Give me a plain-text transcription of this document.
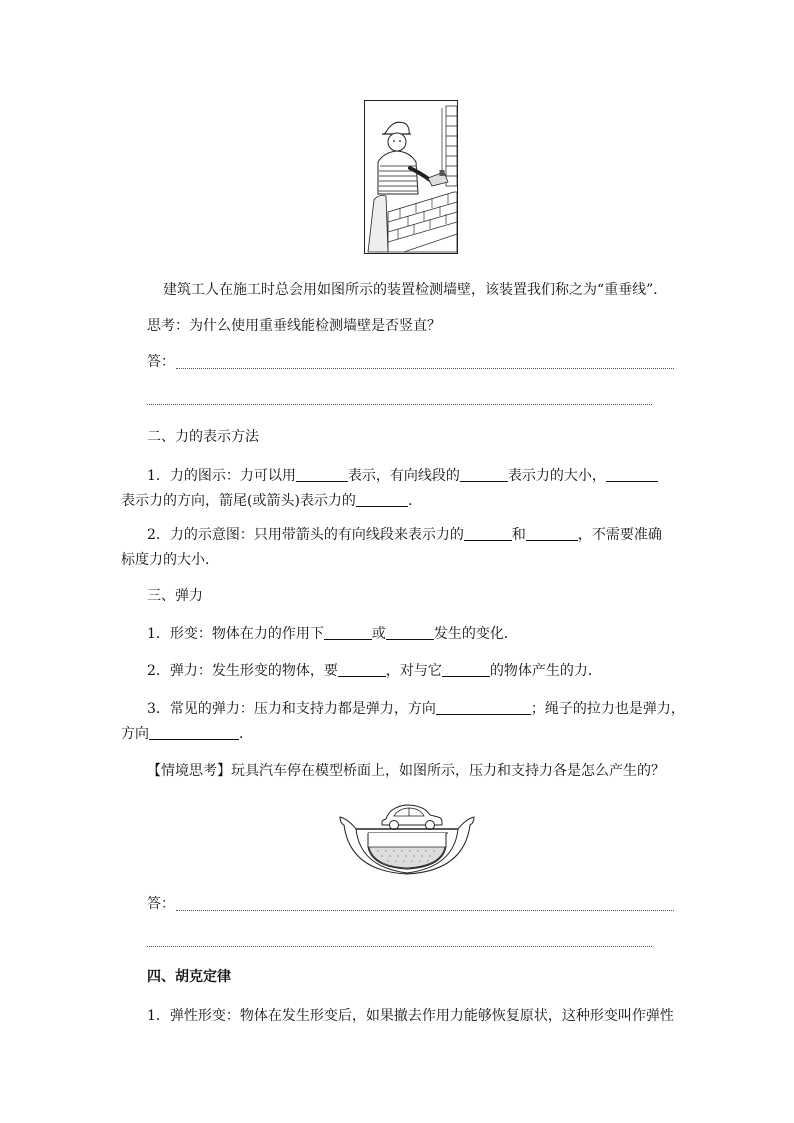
建筑工人在施工时总会用如图所示的装置检测墙壁，该装置我们称之为“重垂线”．
思考：为什么使用重垂线能检测墙壁是否竖直？
答：
二、力的表示方法
1．力的图示：力可以用	表示，有向线段的	表示力的大小，
表示力的方向，箭尾(或箭头)表示力的	．
2．力的示意图：只用带箭头的有向线段来表示力的	和	，不需要准确
标度力的大小．
三、弹力
1．形变：物体在力的作用下	或	发生的变化．
2．弹力：发生形变的物体，要	，对与它	的物体产生的力．
3．常见的弹力：压力和支持力都是弹力，方向	；绳子的拉力也是弹力，
方向	．
【情境思考】玩具汽车停在模型桥面上，如图所示，压力和支持力各是怎么产生的？
答：
四、胡克定律
1．弹性形变：物体在发生形变后，如果撤去作用力能够恢复原状，这种形变叫作弹性
